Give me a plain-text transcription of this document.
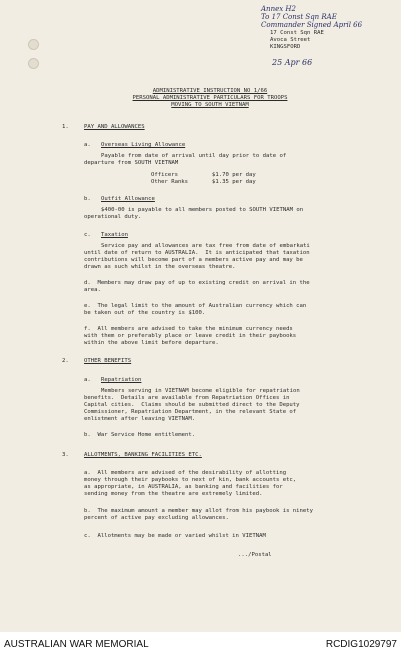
Annex H2
To 17 Const Sqn RAE
Commander Signed April 66
17 Const Sqn RAE
Avoca Street
KINGSFORD
25 Apr 66
ADMINISTRATIVE INSTRUCTION NO 1/66
PERSONAL ADMINISTRATIVE PARTICULARS FOR TROOPS
MOVING TO SOUTH VIETNAM
1.	PAY AND ALLOWANCES
a. Overseas Living Allowance
Payable from date of arrival until day prior to date of
departure from SOUTH VIETNAM
Officers	$1.70 per day
Other Ranks	$1.35 per day
b. Outfit Allowance
$400-00 is payable to all members posted to SOUTH VIETNAM on
operational duty.
c. Taxation
Service pay and allowances are tax free from date of embarkati
until date of return to AUSTRALIA.  It is anticipated that taxation
contributions will become part of a members active pay and may be
drawn as such whilst in the overseas theatre.
d.  Members may draw pay of up to existing credit on arrival in the
area.
e.  The legal limit to the amount of Australian currency which can
be taken out of the country is $100.
f.  All members are advised to take the minimum currency needs
with them or preferably place or leave credit in their paybooks
within the above limit before departure.
2.	OTHER BENEFITS
a. Repatriation
Members serving in VIETNAM become eligible for repatriation
benefits.  Details are available from Repatriation Offices in
Capital cities.  Claims should be submitted direct to the Deputy
Commissioner, Repatriation Department, in the relevant State of
enlistment after leaving VIETNAM.
b.  War Service Home entitlement.
3.	ALLOTMENTS, BANKING FACILITIES ETC.
a.  All members are advised of the desirability of allotting
money through their paybooks to next of kin, bank accounts etc,
as appropriate, in AUSTRALIA, as banking and facilities for
sending money from the theatre are extremely limited.
b.  The maximum amount a member may allot from his paybook is ninety
percent of active pay excluding allowances.
c.  Allotments may be made or varied whilst in VIETNAM
.../Postal
AUSTRALIAN WAR MEMORIAL	RCDIG1029797
